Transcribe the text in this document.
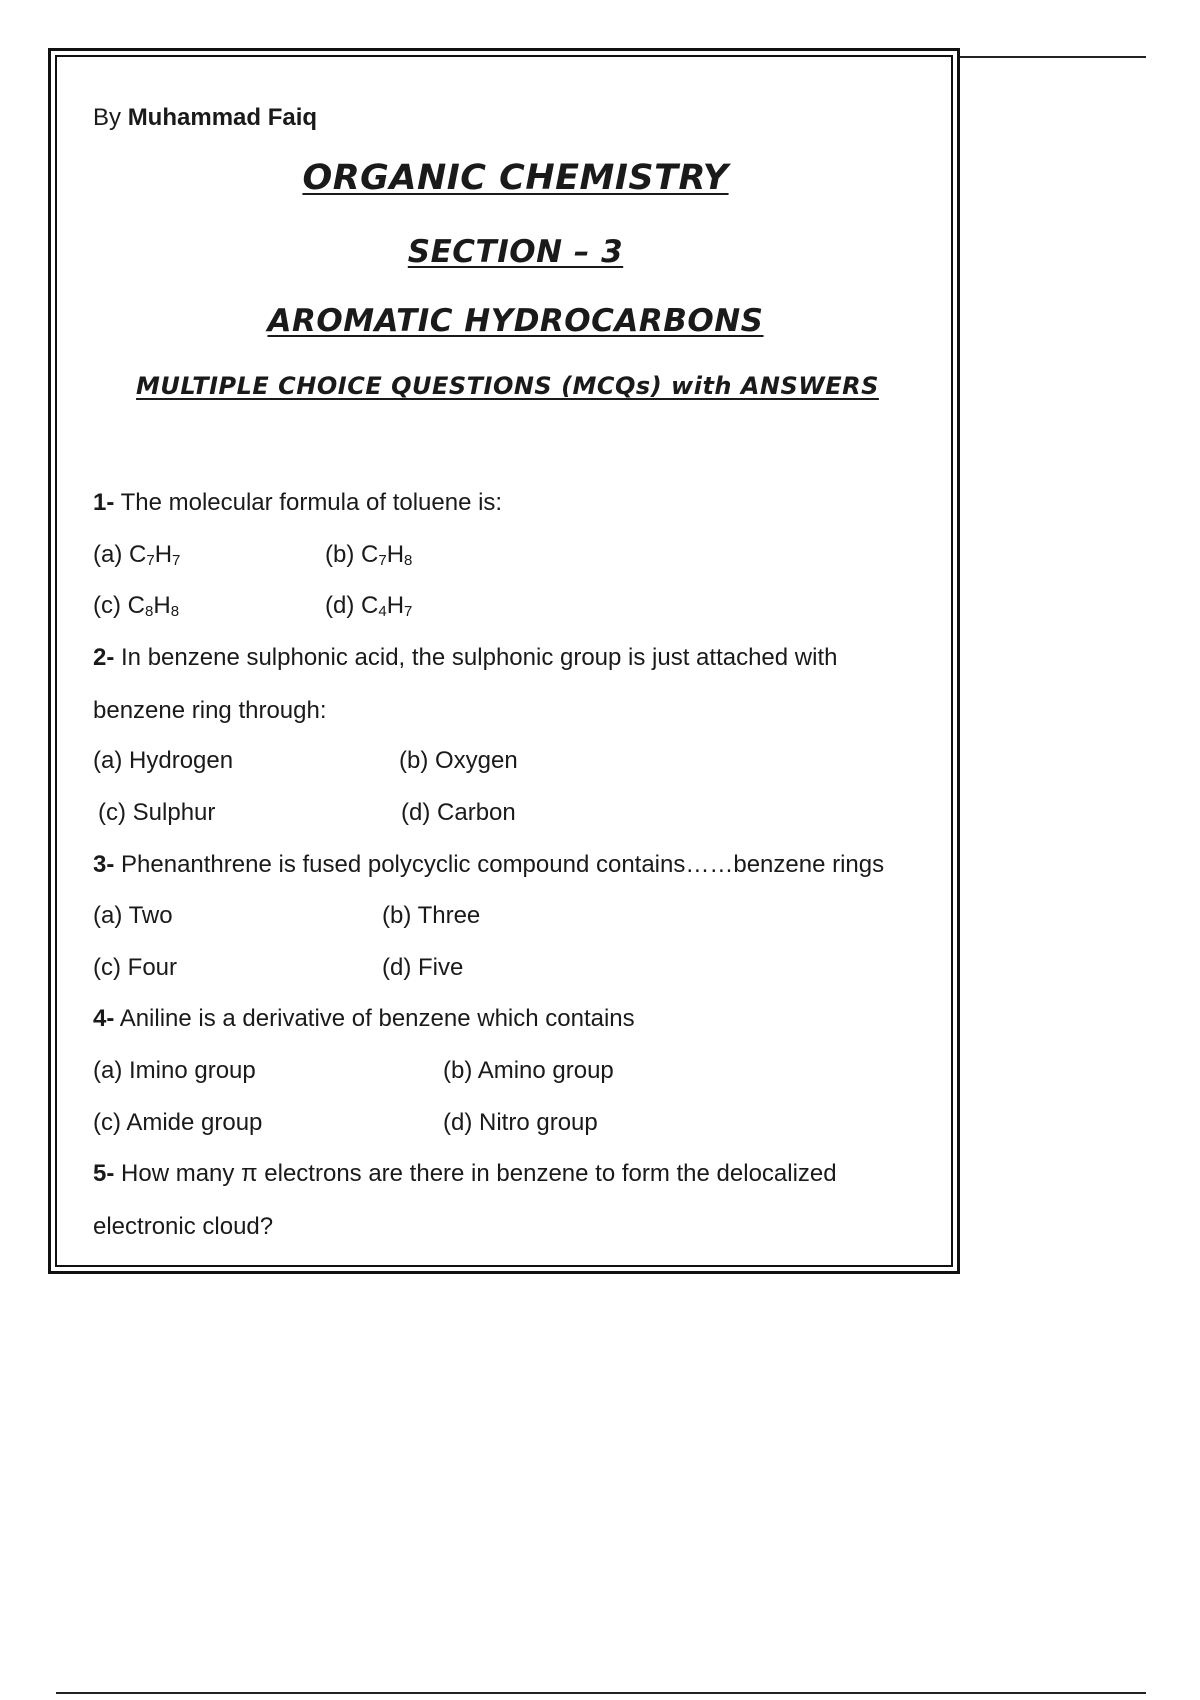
By Muhammad Faiq
ORGANIC CHEMISTRY
SECTION – 3
AROMATIC HYDROCARBONS
MULTIPLE CHOICE QUESTIONS (MCQs) with ANSWERS
1- The molecular formula of toluene is:
(a) $C_7H_7$	(b) $C_7H_8$
(c) $C_8H_8$	(d) $C_4H_7$
2- In benzene sulphonic acid, the sulphonic group is just attached with
benzene ring through:
(a) Hydrogen	(b) Oxygen
(c) Sulphur	(d) Carbon
3- Phenanthrene is fused polycyclic compound contains……benzene rings
(a) Two	(b) Three
(c) Four	(d) Five
4- Aniline is a derivative of benzene which contains
(a) Imino group	(b) Amino group
(c) Amide group	(d) Nitro group
5- How many π electrons are there in benzene to form the delocalized
electronic cloud?
